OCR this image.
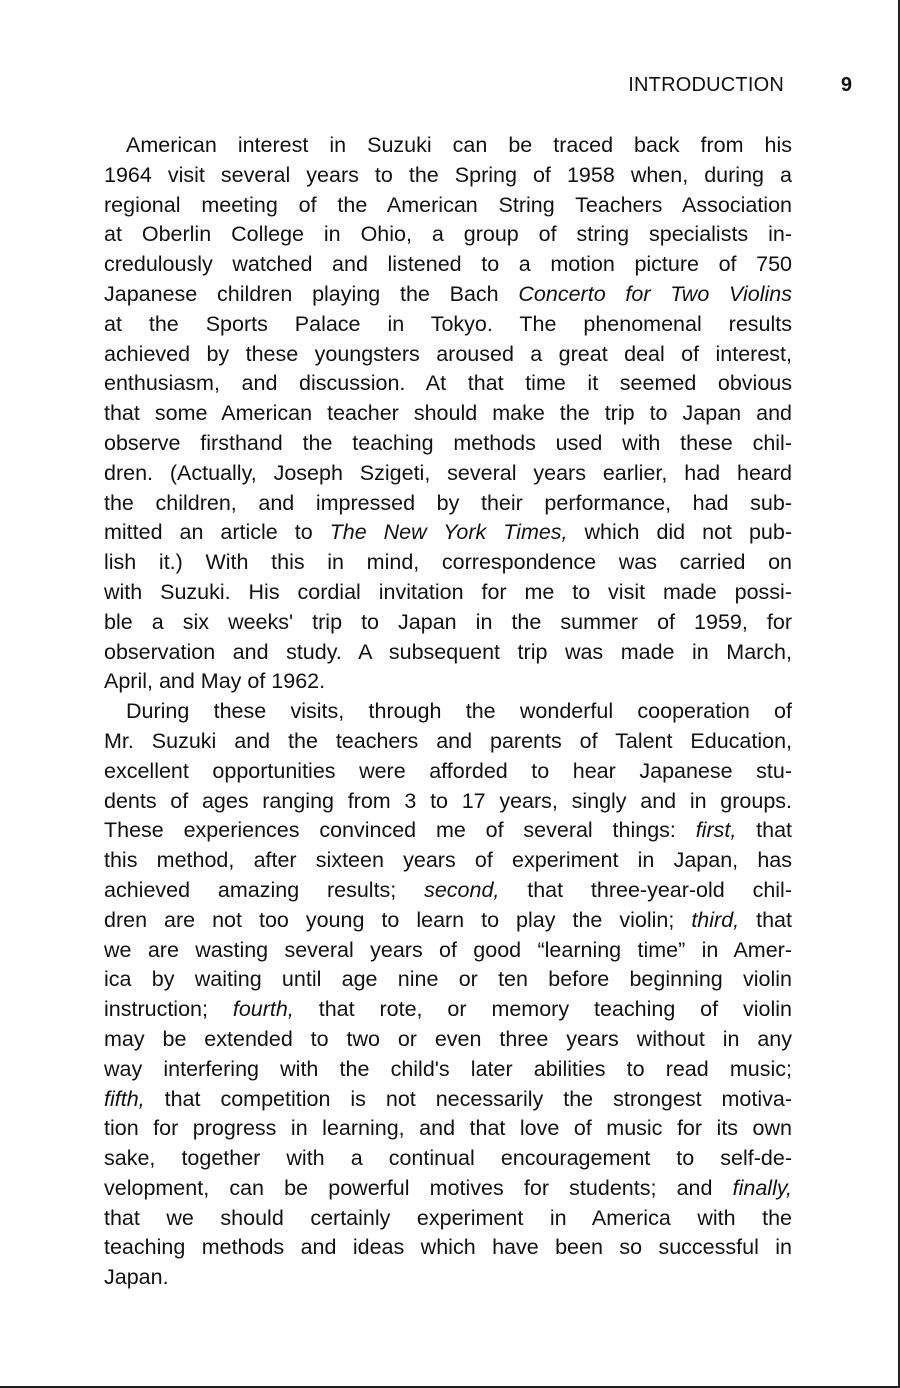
INTRODUCTION	9
American interest in Suzuki can be traced back from his
1964 visit several years to the Spring of 1958 when, during a
regional meeting of the American String Teachers Association
at Oberlin College in Ohio, a group of string specialists in-
credulously watched and listened to a motion picture of 750
Japanese children playing the Bach Concerto for Two Violins
at the Sports Palace in Tokyo. The phenomenal results
achieved by these youngsters aroused a great deal of interest,
enthusiasm, and discussion. At that time it seemed obvious
that some American teacher should make the trip to Japan and
observe firsthand the teaching methods used with these chil-
dren. (Actually, Joseph Szigeti, several years earlier, had heard
the children, and impressed by their performance, had sub-
mitted an article to The New York Times, which did not pub-
lish it.) With this in mind, correspondence was carried on
with Suzuki. His cordial invitation for me to visit made possi-
ble a six weeks' trip to Japan in the summer of 1959, for
observation and study. A subsequent trip was made in March,
April, and May of 1962.
During these visits, through the wonderful cooperation of
Mr. Suzuki and the teachers and parents of Talent Education,
excellent opportunities were afforded to hear Japanese stu-
dents of ages ranging from 3 to 17 years, singly and in groups.
These experiences convinced me of several things: first, that
this method, after sixteen years of experiment in Japan, has
achieved amazing results; second, that three-year-old chil-
dren are not too young to learn to play the violin; third, that
we are wasting several years of good “learning time” in Amer-
ica by waiting until age nine or ten before beginning violin
instruction; fourth, that rote, or memory teaching of violin
may be extended to two or even three years without in any
way interfering with the child's later abilities to read music;
fifth, that competition is not necessarily the strongest motiva-
tion for progress in learning, and that love of music for its own
sake, together with a continual encouragement to self-de-
velopment, can be powerful motives for students; and finally,
that we should certainly experiment in America with the
teaching methods and ideas which have been so successful in
Japan.
